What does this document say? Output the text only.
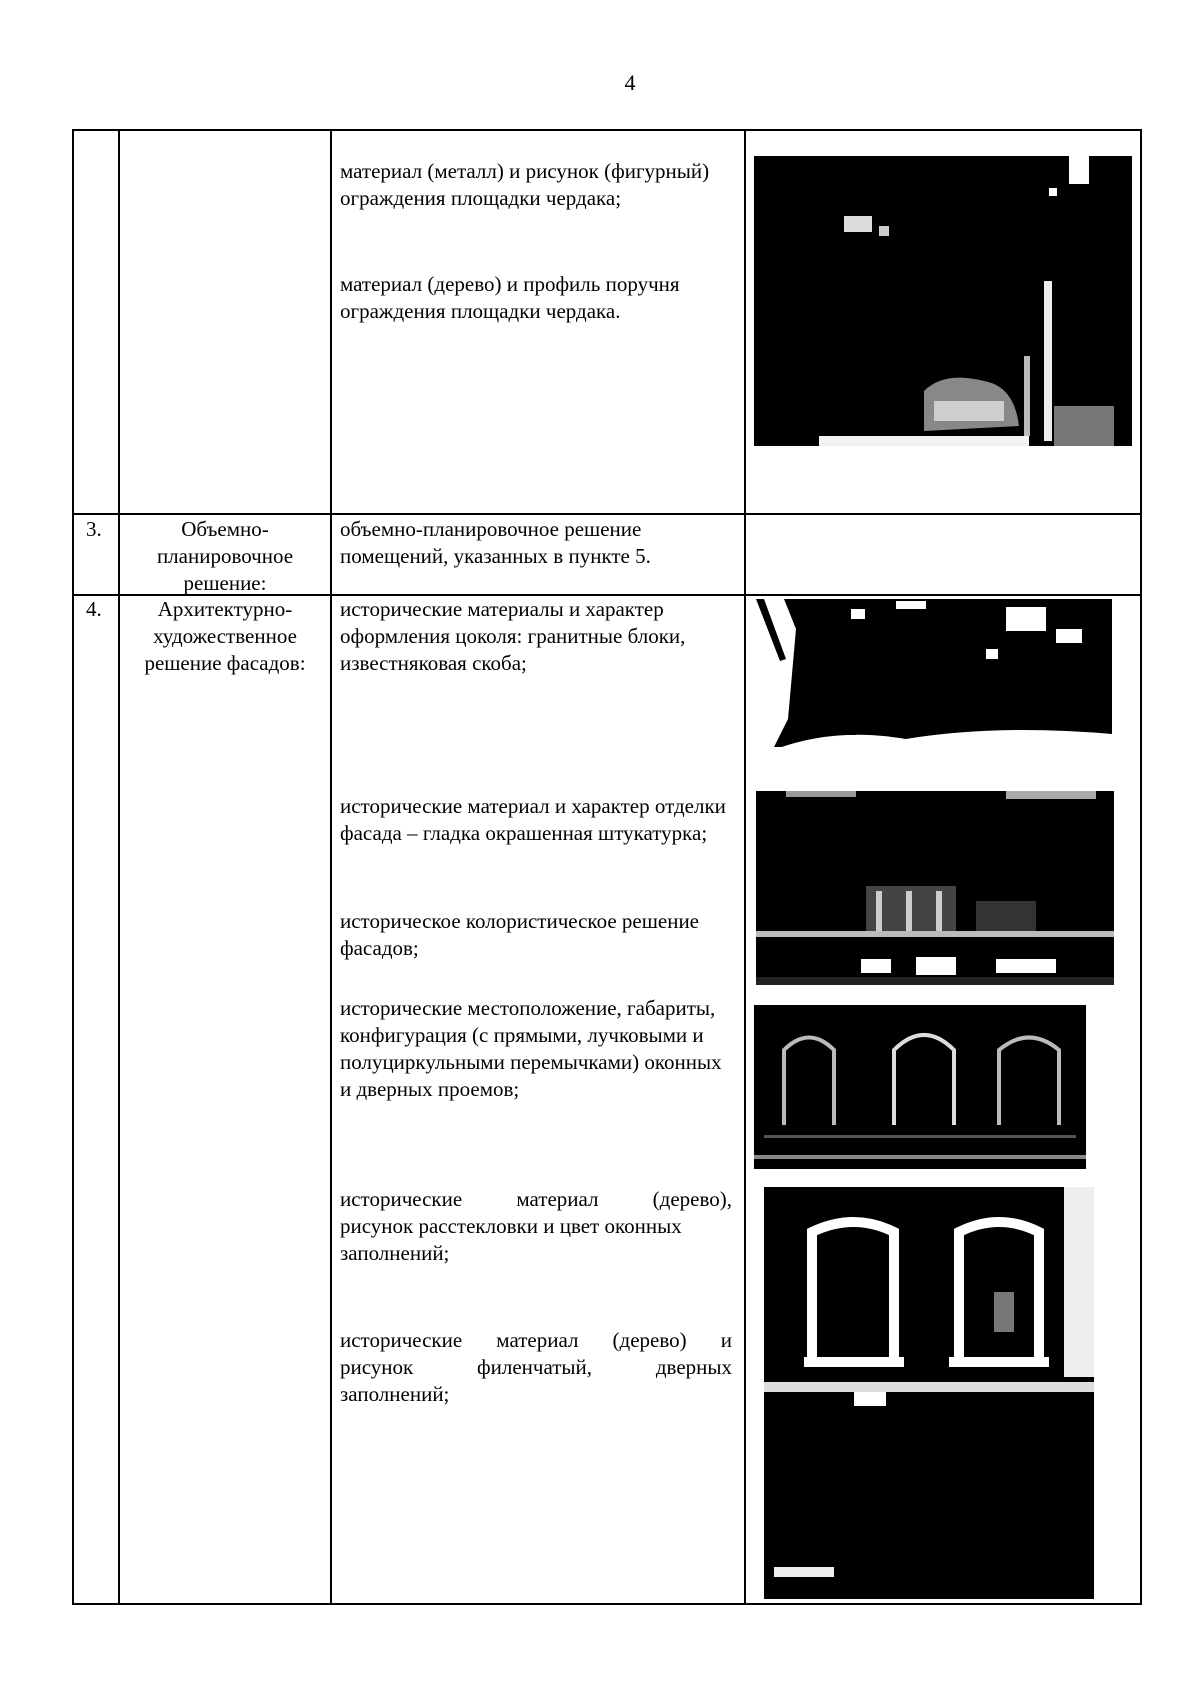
4
материал (металл) и рисунок (фигурный) ограждения площадки чердака;
материал (дерево) и профиль поручня ограждения площадки чердака.
3.	Объемно-планировочное решение:
объемно-планировочное решение помещений, указанных в пункте 5.
4.	Архитектурно-художественное решение фасадов:
исторические материалы и характер оформления цоколя: гранитные блоки, известняковая скоба;
исторические материал и характер отделки фасада – гладка окрашенная штукатурка;
историческое колористическое решение фасадов;
исторические местоположение, габариты, конфигурация (с прямыми, лучковыми и полуциркульными перемычками) оконных и дверных проемов;
исторические материал (дерево),
рисунок расстекловки и цвет оконных заполнений;
исторические материал (дерево) и
рисунок филенчатый, дверных
заполнений;
